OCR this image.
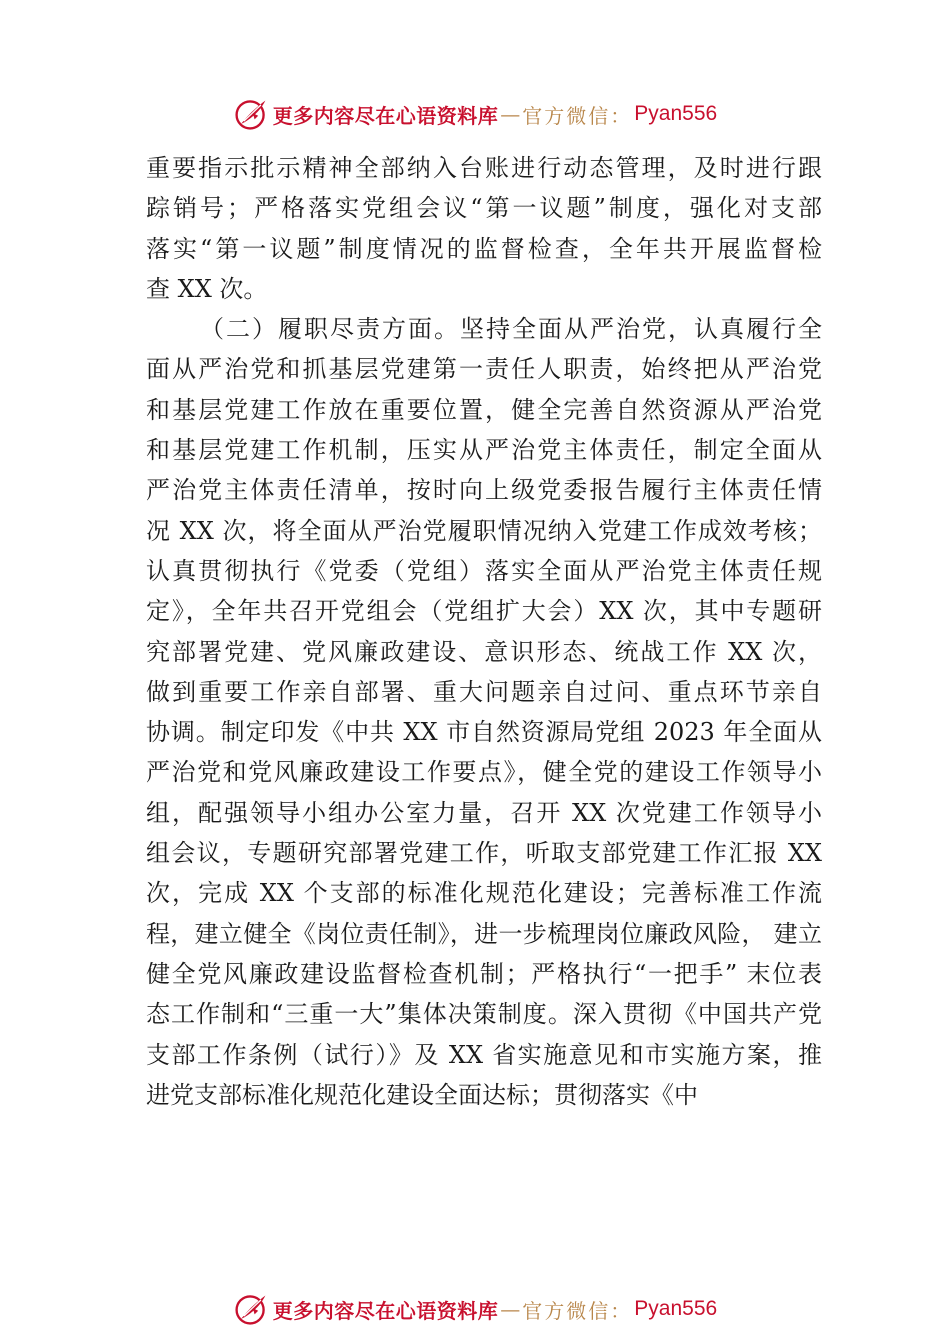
更多内容尽在心语资料库 — 官方微信 ： Pyan556
重要指示批示精神全部纳入台账进行动态管理，及时进行跟
踪销号；严格落实党组会议“第一议题”制度，强化对支部
落实“第一议题”制度情况的监督检查，全年共开展监督检
查 XX 次。
（二）履职尽责方面。坚持全面从严治党，认真履行全
面从严治党和抓基层党建第一责任人职责，始终把从严治党
和基层党建工作放在重要位置，健全完善自然资源从严治党
和基层党建工作机制，压实从严治党主体责任，制定全面从
严治党主体责任清单，按时向上级党委报告履行主体责任情
况 XX 次，将全面从严治党履职情况纳入党建工作成效考核；
认真贯彻执行《党委（党组）落实全面从严治党主体责任规
定》，全年共召开党组会（党组扩大会）XX 次，其中专题研
究部署党建、党风廉政建设、意识形态、统战工作 XX 次，
做到重要工作亲自部署、重大问题亲自过问、重点环节亲自
协调。制定印发《中共 XX 市自然资源局党组 2023 年全面从
严治党和党风廉政建设工作要点》，健全党的建设工作领导小
组，配强领导小组办公室力量，召开 XX 次党建工作领导小
组会议，专题研究部署党建工作，听取支部党建工作汇报 XX
次，完成 XX 个支部的标准化规范化建设；完善标准工作流
程，建立健全《岗位责任制》，进一步梳理岗位廉政风险， 建立
健全党风廉政建设监督检查机制；严格执行“一把手” 末位表
态工作制和“三重一大”集体决策制度。深入贯彻《中国共产党
支部工作条例（试行）》及 XX 省实施意见和市实施方案，推
进党支部标准化规范化建设全面达标；贯彻落实《中
更多内容尽在心语资料库 — 官方微信 ： Pyan556
